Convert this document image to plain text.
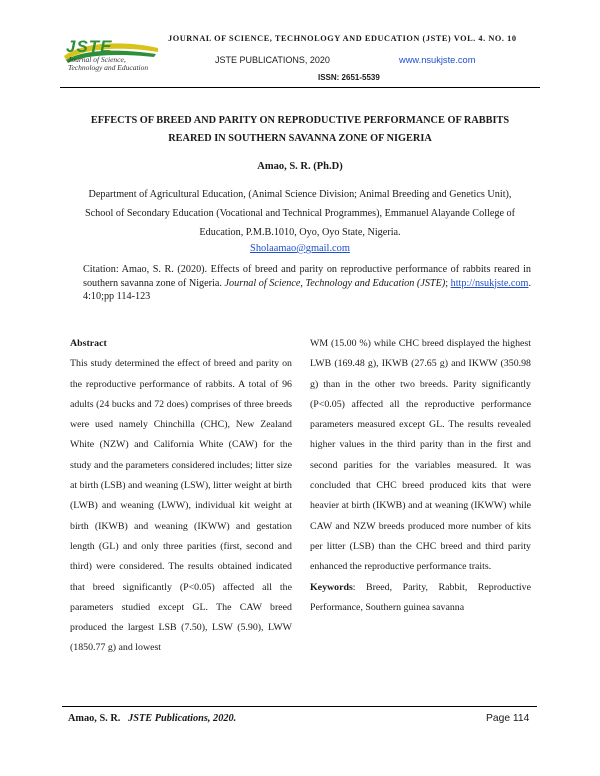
JSTE
Journal of Science, Technology and Education
JOURNAL OF SCIENCE, TECHNOLOGY AND EDUCATION (JSTE) VOL. 4. NO. 10
JSTE PUBLICATIONS, 2020	www.nsukjste.com
ISSN: 2651-5539
EFFECTS OF BREED AND PARITY ON REPRODUCTIVE PERFORMANCE OF RABBITS
REARED IN SOUTHERN SAVANNA ZONE OF NIGERIA
Amao, S. R. (Ph.D)
Department of Agricultural Education, (Animal Science Division; Animal Breeding and Genetics Unit),
School of Secondary Education (Vocational and Technical Programmes), Emmanuel Alayande College of
Education, P.M.B.1010, Oyo, Oyo State, Nigeria.
Sholaamao@gmail.com
Citation: Amao, S. R. (2020). Effects of breed and parity on reproductive performance of rabbits reared in southern savanna zone of Nigeria. Journal of Science, Technology and Education (JSTE); http://nsukjste.com. 4:10;pp 114-123
Abstract
This study determined the effect of breed and parity on the reproductive performance of rabbits. A total of 96 adults (24 bucks and 72 does) comprises of three breeds were used namely Chinchilla (CHC), New Zealand White (NZW) and California White (CAW) for the study and the parameters considered includes; litter size at birth (LSB) and weaning (LSW), litter weight at birth (LWB) and weaning (LWW), individual kit weight at birth (IKWB) and weaning (IKWW) and gestation length (GL) and only three parities (first, second and third) were considered. The results obtained indicated that breed significantly (P<0.05) affected all the parameters studied except GL. The CAW breed produced the largest LSB (7.50), LSW (5.90), LWW (1850.77 g) and lowest
WM (15.00 %) while CHC breed displayed the highest LWB (169.48 g), IKWB (27.65 g) and IKWW (350.98 g) than in the other two breeds. Parity significantly (P<0.05) affected all the reproductive performance parameters measured except GL. The results revealed higher values in the third parity than in the first and second parities for the variables measured. It was concluded that CHC breed produced kits that were heavier at birth (IKWB) and at weaning (IKWW) while CAW and NZW breeds produced more number of kits per litter (LSB) than the CHC breed and third parity enhanced the reproductive performance traits.
Keywords: Breed, Parity, Rabbit, Reproductive Performance, Southern guinea savanna
Amao, S. R. JSTE Publications, 2020.	Page 114
